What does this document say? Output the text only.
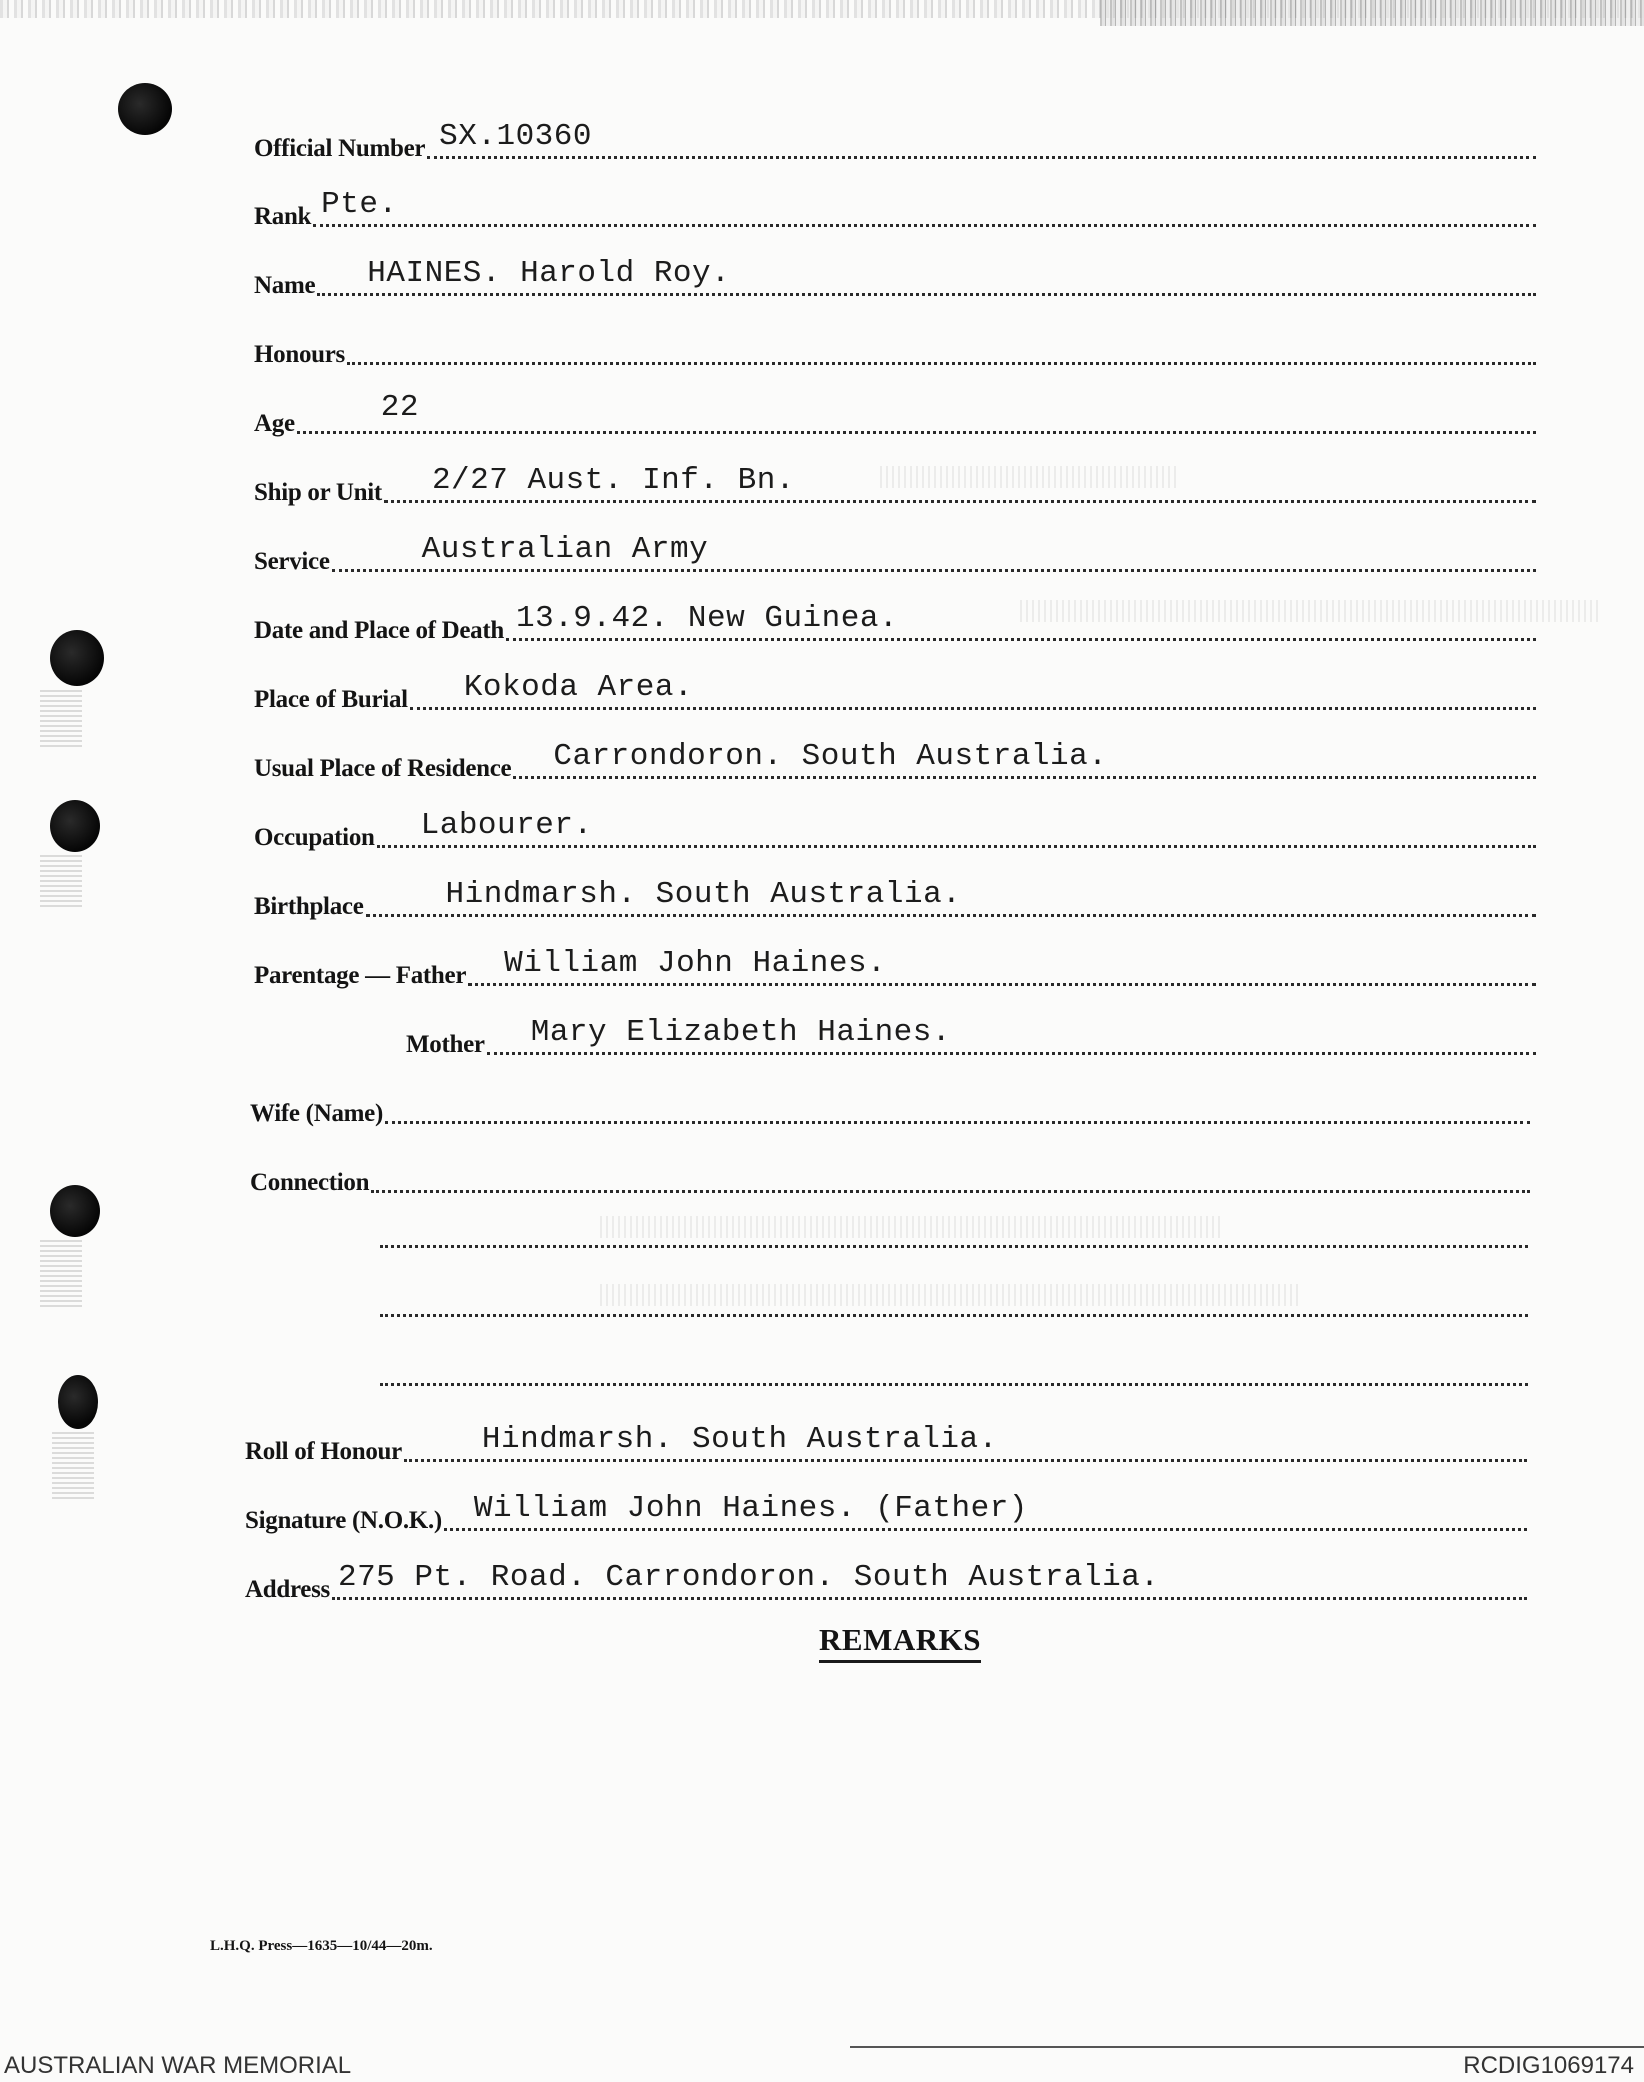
Official Number SX.10360
Rank Pte.
Name HAINES. Harold Roy.
Honours
Age	22
Ship or Unit 2/27 Aust. Inf. Bn.
Service	Australian Army
Date and Place of Death 13.9.42. New Guinea.
Place of Burial Kokoda Area.
Usual Place of Residence Carrondoron. South Australia.
Occupation Labourer.
Birthplace	Hindmarsh. South Australia.
Parentage — Father William John Haines.
Mother Mary Elizabeth Haines.
Wife (Name)
Connection
Roll of Honour	Hindmarsh. South Australia.
Signature (N.O.K.) William John Haines. (Father)
Address 275 Pt. Road. Carrondoron. South Australia.
REMARKS
L.H.Q. Press—1635—10/44—20m.
AUSTRALIAN WAR MEMORIAL	RCDIG1069174
